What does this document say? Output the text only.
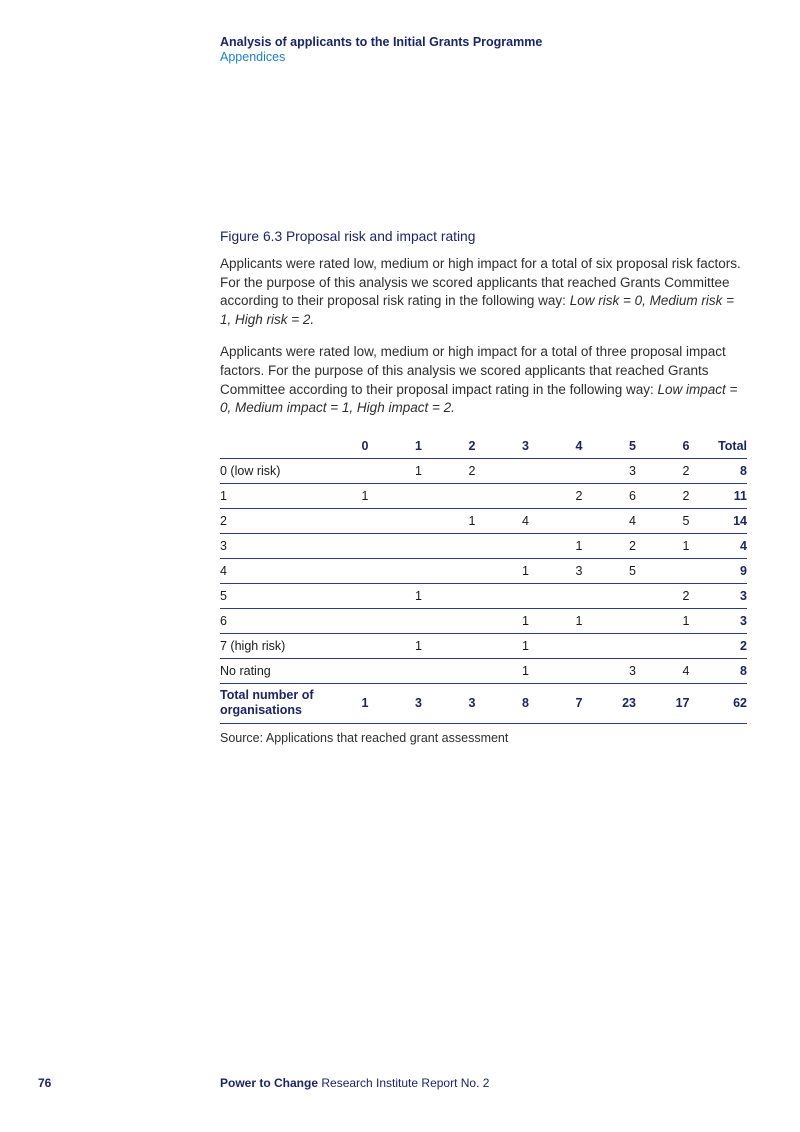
Analysis of applicants to the Initial Grants Programme
Appendices
Figure 6.3 Proposal risk and impact rating

Applicants were rated low, medium or high impact for a total of six proposal risk factors. For the purpose of this analysis we scored applicants that reached Grants Committee according to their proposal risk rating in the following way: Low risk = 0, Medium risk = 1, High risk = 2.

Applicants were rated low, medium or high impact for a total of three proposal impact factors. For the purpose of this analysis we scored applicants that reached Grants Committee according to their proposal impact rating in the following way: Low impact = 0, Medium impact = 1, High impact = 2.

	0	1	2	3	4	5	6	Total
0 (low risk)		1	2			3	2	8
1	1				2	6	2	11
2			1	4		4	5	14
3					1	2	1	4
4				1	3	5		9
5		1					2	3
6				1	1		1	3
7 (high risk)		1		1				2
No rating				1		3	4	8
Total number of organisations	1	3	3	8	7	23	17	62
Source: Applications that reached grant assessment
76	Power to Change Research Institute Report No. 2
